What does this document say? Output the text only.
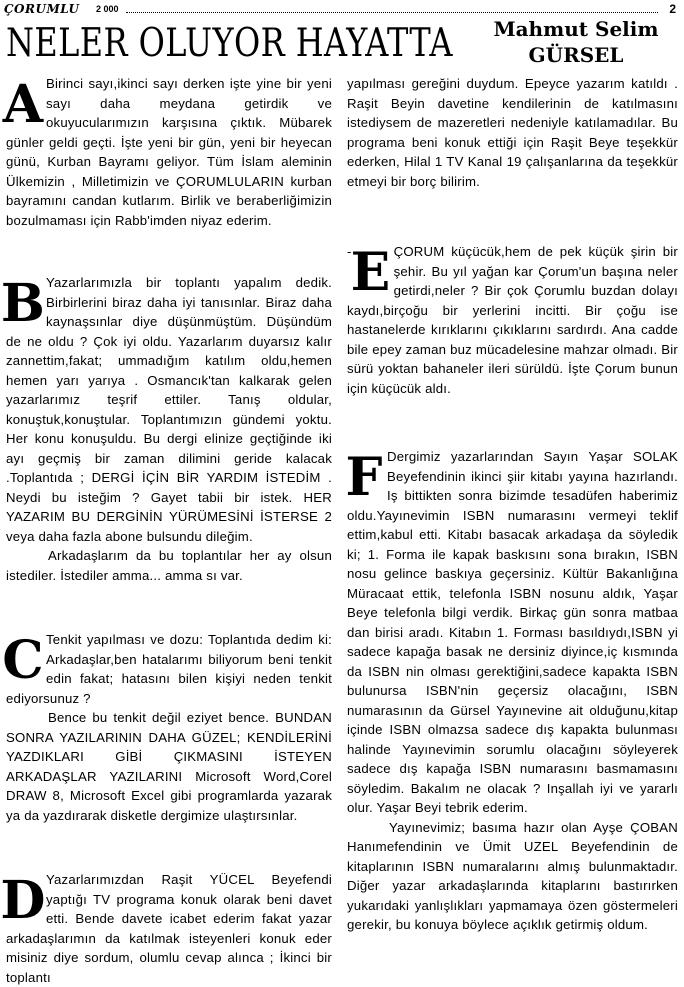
ÇORUMLU 2 000	2
NELER OLUYOR HAYATTA	Mahmut Selim
GÜRSEL
A Birinci sayı,ikinci sayı derken işte yine bir yeni sayı daha meydana getirdik ve okuyucularımızın karşısına çıktık. Mübarek günler geldi geçti. İşte yeni bir gün, yeni bir heyecan günü, Kurban Bayramı geliyor. Tüm İslam aleminin Ülkemizin , Milletimizin ve ÇORUMLULARIN kurban bayramını candan kutlarım. Birlik ve beraberliğimizin bozulmaması için Rabb'imden niyaz ederim.

B Yazarlarımızla bir toplantı yapalım dedik. Birbirlerini biraz daha iyi tanısınlar. Biraz daha kaynaşsınlar diye düşünmüştüm. Düşündüm de ne oldu ? Çok iyi oldu. Yazarlarım duyarsız kalır zannettim,fakat; ummadığım katılım oldu,hemen hemen yarı yarıya . Osmancık'tan kalkarak gelen yazarlarımız teşrif ettiler. Tanış oldular, konuştuk,konuştular. Toplantımızın gündemi yoktu. Her konu konuşuldu. Bu dergi elinize geçtiğinde iki ayı geçmiş bir zaman dilimini geride kalacak .Toplantıda ; DERGİ İÇİN BİR YARDIM İSTEDİM . Neydi bu isteğim ? Gayet tabii bir istek. HER YAZARIM BU DERGİNİN YÜRÜMESİNİ İSTERSE 2 veya daha fazla abone bulsundu dileğim.

Arkadaşlarım da bu toplantılar her ay olsun istediler. İstediler amma... amma sı var.

C Tenkit yapılması ve dozu: Toplantıda dedim ki: Arkadaşlar,ben hatalarımı biliyorum beni tenkit edin fakat; hatasını bilen kişiyi neden tenkit ediyorsunuz ?

Bence bu tenkit değil eziyet bence. BUNDAN SONRA YAZILARININ DAHA GÜZEL; KENDİLERİNİ YAZDIKLARI GİBİ ÇIKMASINI İSTEYEN ARKADAŞLAR YAZILARINI Microsoft Word,Corel DRAW 8, Microsoft Excel gibi programlarda yazarak ya da yazdırarak disketle dergimize ulaştırsınlar.

D Yazarlarımızdan Raşit YÜCEL Beyefendi yaptığı TV programa konuk olarak beni davet etti. Bende davete icabet ederim fakat yazar arkadaşlarımın da katılmak isteyenleri konuk eder misiniz diye sordum, olumlu cevap alınca ; İkinci bir toplantı

yapılması gereğini duydum. Epeyce yazarım katıldı . Raşit Beyin davetine kendilerinin de katılmasını istediysem de mazeretleri nedeniyle katılamadılar. Bu programa beni konuk ettiği için Raşit Beye teşekkür ederken, Hilal 1 TV Kanal 19 çalışanlarına da teşekkür etmeyi bir borç bilirim.

- E ÇORUM küçücük,hem de pek küçük şirin bir şehir. Bu yıl yağan kar Çorum'un başına neler getirdi,neler ? Bir çok Çorumlu buzdan dolayı kaydı,birçoğu bir yerlerini incitti. Bir çoğu ise hastanelerde kırıklarını çıkıklarını sardırdı. Ana cadde bile epey zaman buz mücadelesine mahzar olmadı. Bir sürü yoktan bahaneler ileri sürüldü. İşte Çorum bunun için küçücük aldı.

F Dergimiz yazarlarından Sayın Yaşar SOLAK Beyefendinin ikinci şiir kitabı yayına hazırlandı. Iş bittikten sonra bizimde tesadüfen haberimiz oldu.Yayınevimin ISBN numarasını vermeyi teklif ettim,kabul etti. Kitabı basacak arkadaşa da söyledik ki; 1. Forma ile kapak baskısını sona bırakın, ISBN nosu gelince baskıya geçersiniz. Kültür Bakanlığına Müracaat ettik, telefonla ISBN nosunu aldık, Yaşar Beye telefonla bilgi verdik. Birkaç gün sonra matbaa dan birisi aradı. Kitabın 1. Forması basıldıydı,ISBN yi sadece kapağa basak ne dersiniz diyince,iç kısmında da ISBN nin olması gerektiğini,sadece kapakta ISBN bulunursa ISBN'nin geçersiz olacağını, ISBN numarasının da Gürsel Yayınevine ait olduğunu,kitap içinde ISBN olmazsa sadece dış kapakta bulunması halinde Yayınevimin sorumlu olacağını söyleyerek sadece dış kapağa ISBN numarasını basmamasını söyledim. Bakalım ne olacak ? Inşallah iyi ve yararlı olur. Yaşar Beyi tebrik ederim.

Yayınevimiz; basıma hazır olan Ayşe ÇOBAN Hanımefendinin ve Ümit UZEL Beyefendinin de kitaplarının ISBN numaralarını almış bulunmaktadır. Diğer yazar arkadaşlarında kitaplarını bastırırken yukarıdaki yanlışlıkları yapmamaya özen göstermeleri gerekir, bu konuya böylece açıklık getirmiş oldum.
